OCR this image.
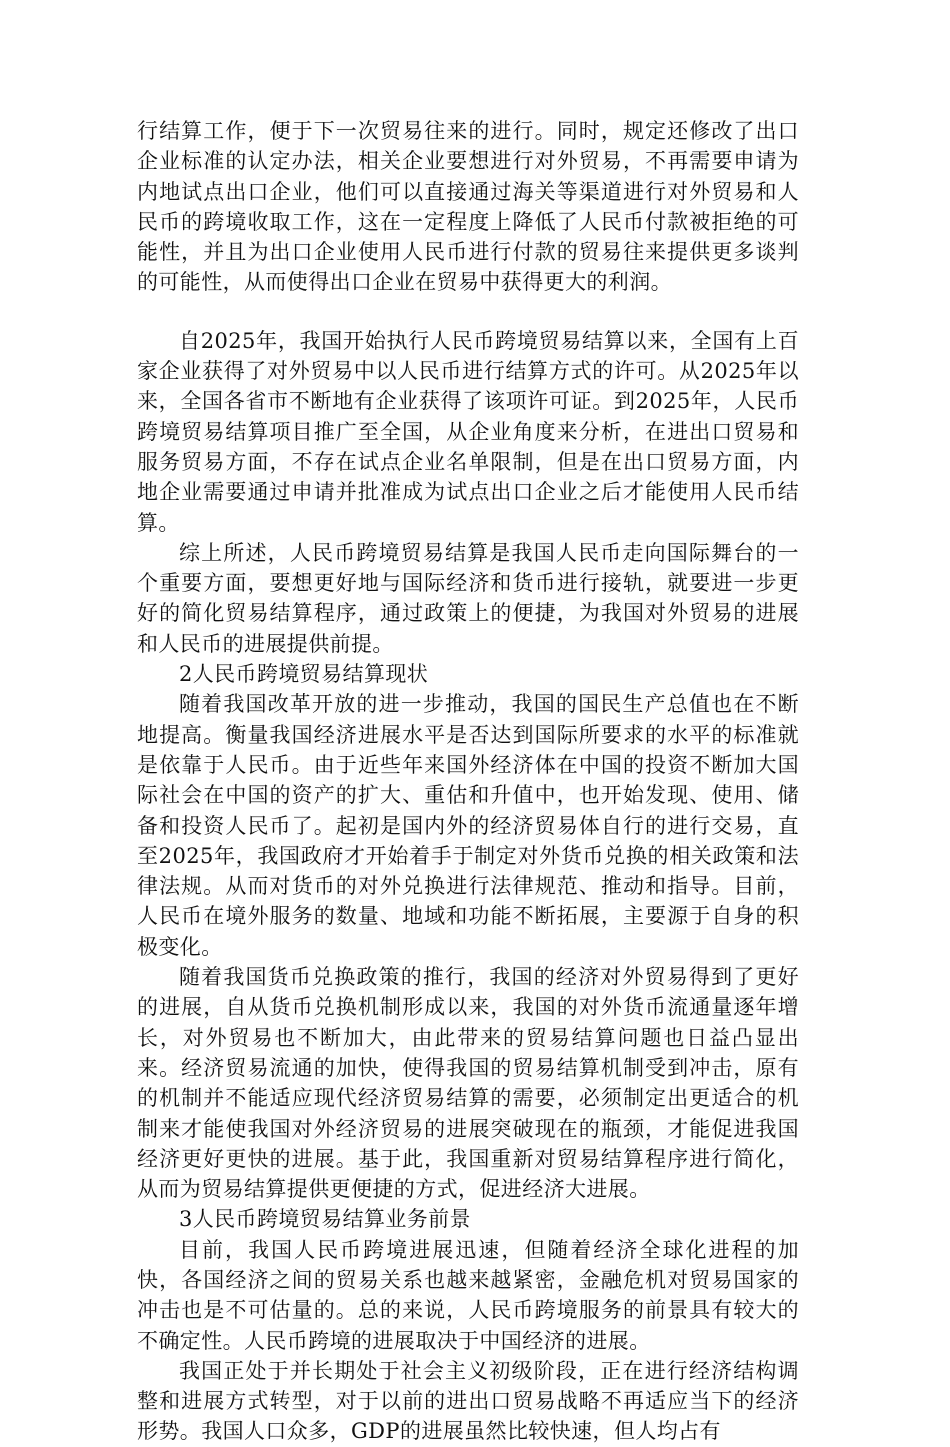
行结算工作，便于下一次贸易往来的进行。同时，规定还修改了出口企业标准的认定办法，相关企业要想进行对外贸易，不再需要申请为内地试点出口企业，他们可以直接通过海关等渠道进行对外贸易和人民币的跨境收取工作，这在一定程度上降低了人民币付款被拒绝的可能性，并且为出口企业使用人民币进行付款的贸易往来提供更多谈判的可能性，从而使得出口企业在贸易中获得更大的利润。

自2025年，我国开始执行人民币跨境贸易结算以来，全国有上百家企业获得了对外贸易中以人民币进行结算方式的许可。从2025年以来，全国各省市不断地有企业获得了该项许可证。到2025年，人民币跨境贸易结算项目推广至全国，从企业角度来分析，在进出口贸易和服务贸易方面，不存在试点企业名单限制，但是在出口贸易方面，内地企业需要通过申请并批准成为试点出口企业之后才能使用人民币结算。

综上所述，人民币跨境贸易结算是我国人民币走向国际舞台的一个重要方面，要想更好地与国际经济和货币进行接轨，就要进一步更好的简化贸易结算程序，通过政策上的便捷，为我国对外贸易的进展和人民币的进展提供前提。

2人民币跨境贸易结算现状

随着我国改革开放的进一步推动，我国的国民生产总值也在不断地提高。衡量我国经济进展水平是否达到国际所要求的水平的标准就是依靠于人民币。由于近些年来国外经济体在中国的投资不断加大国际社会在中国的资产的扩大、重估和升值中，也开始发现、使用、储备和投资人民币了。起初是国内外的经济贸易体自行的进行交易，直至2025年，我国政府才开始着手于制定对外货币兑换的相关政策和法律法规。从而对货币的对外兑换进行法律规范、推动和指导。目前，人民币在境外服务的数量、地域和功能不断拓展，主要源于自身的积极变化。

随着我国货币兑换政策的推行，我国的经济对外贸易得到了更好的进展，自从货币兑换机制形成以来，我国的对外货币流通量逐年增长，对外贸易也不断加大，由此带来的贸易结算问题也日益凸显出来。经济贸易流通的加快，使得我国的贸易结算机制受到冲击，原有的机制并不能适应现代经济贸易结算的需要，必须制定出更适合的机制来才能使我国对外经济贸易的进展突破现在的瓶颈，才能促进我国经济更好更快的进展。基于此，我国重新对贸易结算程序进行简化，从而为贸易结算提供更便捷的方式，促进经济大进展。

3人民币跨境贸易结算业务前景

目前，我国人民币跨境进展迅速，但随着经济全球化进程的加快，各国经济之间的贸易关系也越来越紧密，金融危机对贸易国家的冲击也是不可估量的。总的来说，人民币跨境服务的前景具有较大的不确定性。人民币跨境的进展取决于中国经济的进展。

我国正处于并长期处于社会主义初级阶段，正在进行经济结构调整和进展方式转型，对于以前的进出口贸易战略不再适应当下的经济形势。我国人口众多，GDP的进展虽然比较快速，但人均占有
